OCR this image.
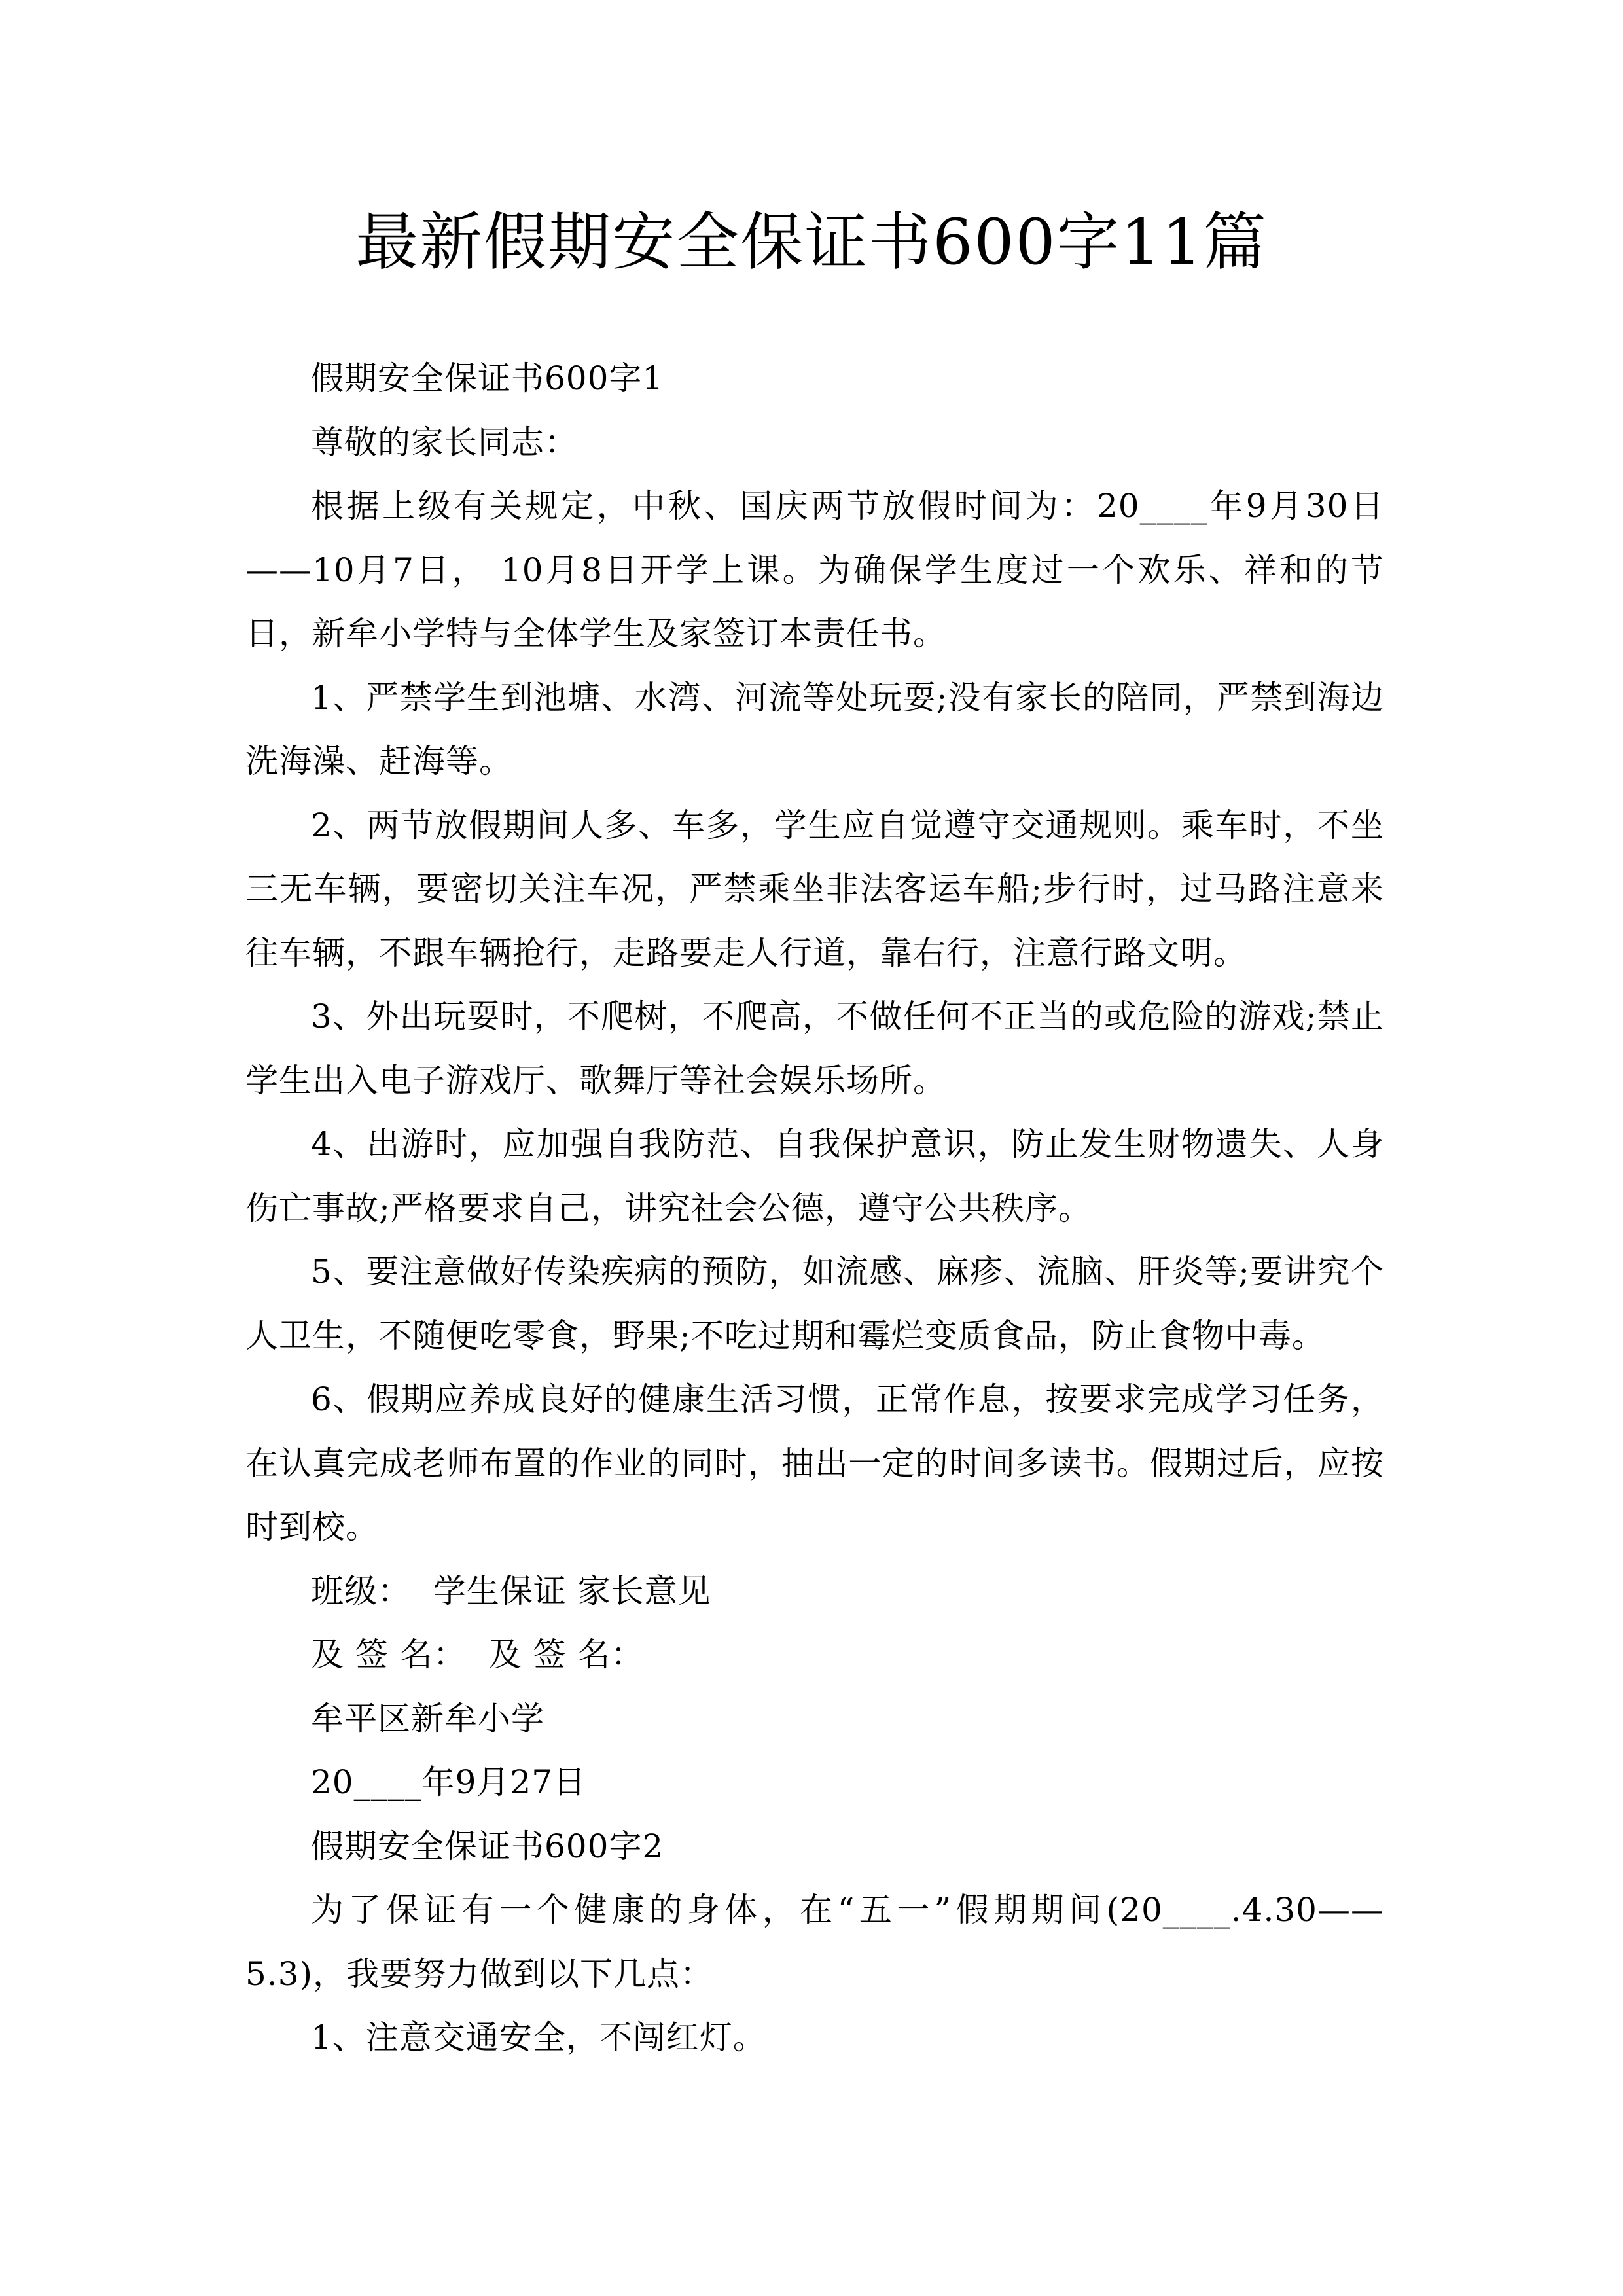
最新假期安全保证书600字11篇

假期安全保证书600字1

尊敬的家长同志：

根据上级有关规定，中秋、国庆两节放假时间为：20____年9月30日——10月7日， 10月8日开学上课。为确保学生度过一个欢乐、祥和的节日，新牟小学特与全体学生及家签订本责任书。

1、严禁学生到池塘、水湾、河流等处玩耍;没有家长的陪同，严禁到海边洗海澡、赶海等。

2、两节放假期间人多、车多，学生应自觉遵守交通规则。乘车时，不坐三无车辆，要密切关注车况，严禁乘坐非法客运车船;步行时，过马路注意来往车辆，不跟车辆抢行，走路要走人行道，靠右行，注意行路文明。

3、外出玩耍时，不爬树，不爬高，不做任何不正当的或危险的游戏;禁止学生出入电子游戏厅、歌舞厅等社会娱乐场所。

4、出游时，应加强自我防范、自我保护意识，防止发生财物遗失、人身伤亡事故;严格要求自己，讲究社会公德，遵守公共秩序。

5、要注意做好传染疾病的预防，如流感、麻疹、流脑、肝炎等;要讲究个人卫生，不随便吃零食，野果;不吃过期和霉烂变质食品，防止食物中毒。

6、假期应养成良好的健康生活习惯，正常作息，按要求完成学习任务，在认真完成老师布置的作业的同时，抽出一定的时间多读书。假期过后，应按时到校。

班级：  学生保证 家长意见

及 签 名：  及 签 名：

牟平区新牟小学

20____年9月27日

假期安全保证书600字2

为了保证有一个健康的身体，在“五一”假期期间(20____.4.30——5.3)，我要努力做到以下几点：

1、注意交通安全，不闯红灯。
